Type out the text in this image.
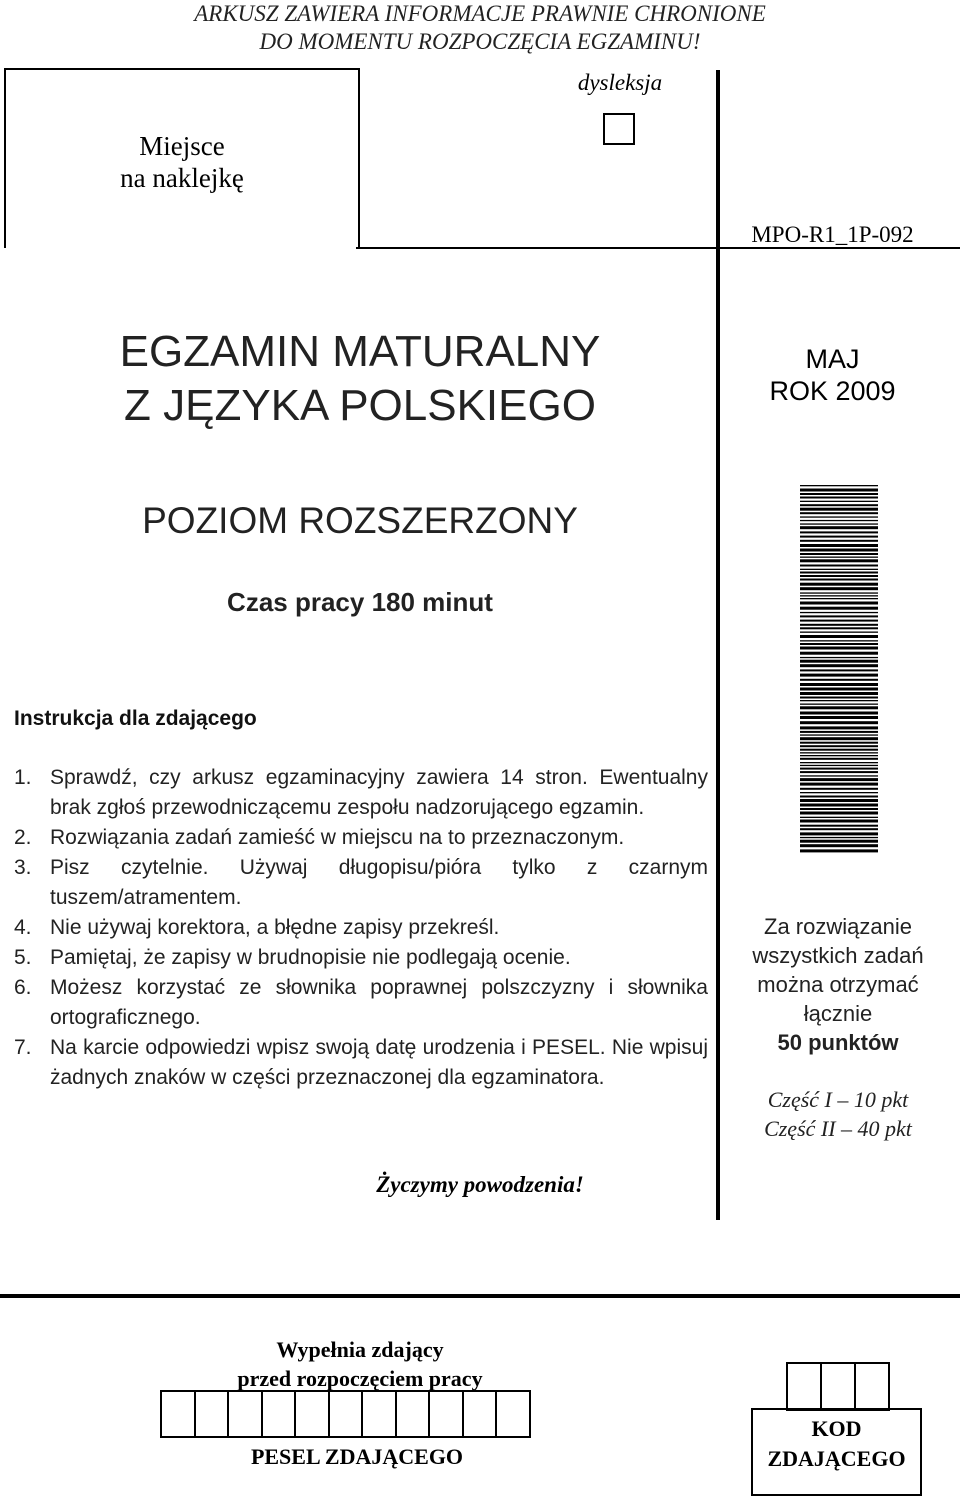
ARKUSZ ZAWIERA INFORMACJE PRAWNIE CHRONIONE
DO MOMENTU ROZPOCZĘCIA EGZAMINU!
Miejsce
na naklejkę
dysleksja
MPO-R1_1P-092
EGZAMIN MATURALNY
Z JĘZYKA POLSKIEGO
MAJ
ROK 2009
POZIOM ROZSZERZONY
Czas pracy 180 minut
Instrukcja dla zdającego
1. Sprawdź, czy arkusz egzaminacyjny zawiera 14 stron. Ewentualny brak zgłoś przewodniczącemu zespołu nadzorującego egzamin.
2. Rozwiązania zadań zamieść w miejscu na to przeznaczonym.
3. Pisz czytelnie. Używaj długopisu/pióra tylko z czarnym tuszem/atramentem.
4. Nie używaj korektora, a błędne zapisy przekreśl.
5. Pamiętaj, że zapisy w brudnopisie nie podlegają ocenie.
6. Możesz korzystać ze słownika poprawnej polszczyzny i słownika ortograficznego.
7. Na karcie odpowiedzi wpisz swoją datę urodzenia i PESEL. Nie wpisuj żadnych znaków w części przeznaczonej dla egzaminatora.
Za rozwiązanie
wszystkich zadań
można otrzymać
łącznie
50 punktów
Część I – 10 pkt
Część II – 40 pkt
Życzymy powodzenia!
Wypełnia zdający
przed rozpoczęciem pracy
PESEL ZDAJĄCEGO
KOD
ZDAJĄCEGO
